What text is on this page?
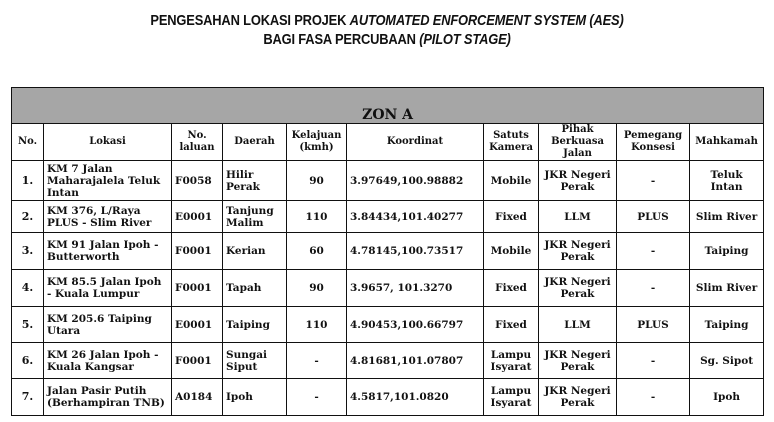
PENGESAHAN LOKASI PROJEK AUTOMATED ENFORCEMENT SYSTEM (AES)
BAGI FASA PERCUBAAN (PILOT STAGE)
ZON A									
No.	Lokasi	No. laluan	Daerah	Kelajuan (kmh)	Koordinat	Satuts Kamera	Pihak Berkuasa Jalan	Pemegang Konsesi	Mahkamah
1.	KM 7 Jalan Maharajalela Teluk Intan	F0058	Hilir Perak	90	3.97649,100.98882	Mobile	JKR Negeri Perak	-	Teluk Intan
2.	KM 376, L/Raya PLUS - Slim River	E0001	Tanjung Malim	110	3.84434,101.40277	Fixed	LLM	PLUS	Slim River
3.	KM 91 Jalan Ipoh - Butterworth	F0001	Kerian	60	4.78145,100.73517	Mobile	JKR Negeri Perak	-	Taiping
4.	KM 85.5 Jalan Ipoh - Kuala Lumpur	F0001	Tapah	90	3.9657, 101.3270	Fixed	JKR Negeri Perak	-	Slim River
5.	KM 205.6 Taiping Utara	E0001	Taiping	110	4.90453,100.66797	Fixed	LLM	PLUS	Taiping
6.	KM 26 Jalan Ipoh - Kuala Kangsar	F0001	Sungai Siput	-	4.81681,101.07807	Lampu Isyarat	JKR Negeri Perak	-	Sg. Sipot
7.	Jalan Pasir Putih (Berhampiran TNB)	A0184	Ipoh	-	4.5817,101.0820	Lampu Isyarat	JKR Negeri Perak	-	Ipoh
